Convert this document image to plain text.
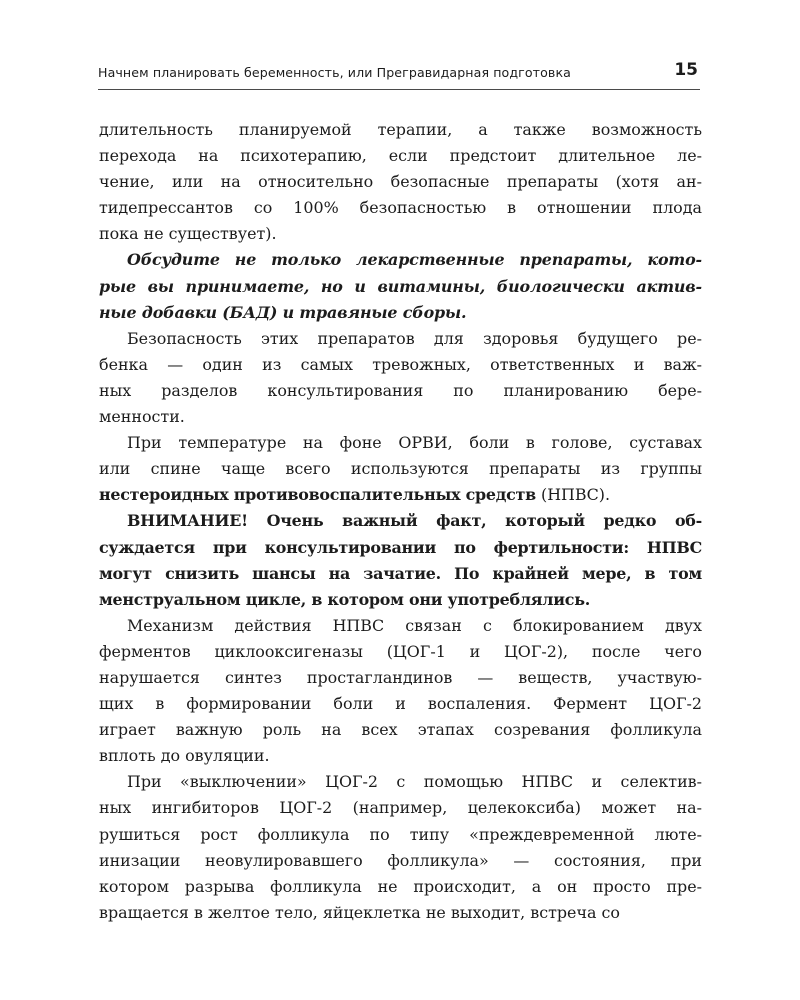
Начнем планировать беременность, или Прегравидарная подготовка	15

длительность планируемой терапии, а также возможность
перехода на психотерапию, если предстоит длительное ле-
чение, или на относительно безопасные препараты (хотя ан-
тидепрессантов со 100% безопасностью в отношении плода
пока не существует).

Обсудите не только лекарственные препараты, кото-
рые вы принимаете, но и витамины, биологически актив-
ные добавки (БАД) и травяные сборы.

Безопасность этих препаратов для здоровья будущего ре-
бенка — один из самых тревожных, ответственных и важ-
ных разделов консультирования по планированию бере-
менности.

При температуре на фоне ОРВИ, боли в голове, суставах
или спине чаще всего используются препараты из группы
нестероидных противовоспалительных средств (НПВС).

ВНИМАНИЕ! Очень важный факт, который редко об-
суждается при консультировании по фертильности: НПВС
могут снизить шансы на зачатие. По крайней мере, в том
менструальном цикле, в котором они употреблялись.

Механизм действия НПВС связан с блокированием двух
ферментов циклооксигеназы (ЦОГ-1 и ЦОГ-2), после чего
нарушается синтез простагландинов — веществ, участвую-
щих в формировании боли и воспаления. Фермент ЦОГ-2
играет важную роль на всех этапах созревания фолликула
вплоть до овуляции.

При «выключении» ЦОГ-2 с помощью НПВС и селектив-
ных ингибиторов ЦОГ-2 (например, целекоксиба) может на-
рушиться рост фолликула по типу «преждевременной люте-
инизации неовулировавшего фолликула» — состояния, при
котором разрыва фолликула не происходит, а он просто пре-
вращается в желтое тело, яйцеклетка не выходит, встреча со
